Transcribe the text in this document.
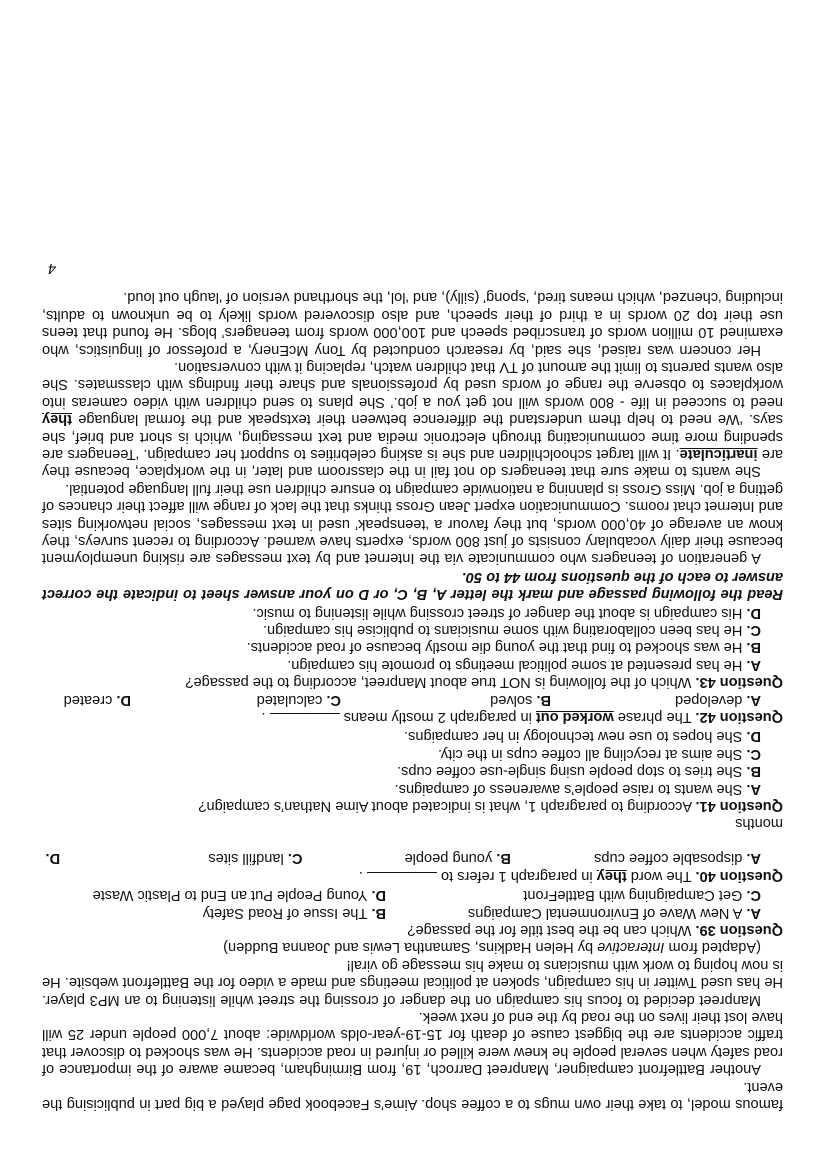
famous model, to take their own mugs to a coffee shop. Aime’s Facebook page played a big part in publicising the event.

Another Battlefront campaigner, Manpreet Darroch, 19, from Birmingham, became aware of the importance of road safety when several people he knew were killed or injured in road accidents. He was shocked to discover that traffic accidents are the biggest cause of death for 15-19-year-olds worldwide: about 7,000 people under 25 will have lost their lives on the road by the end of next week.

Manpreet decided to focus his campaign on the danger of crossing the street while listening to an MP3 player. He has used Twitter in his campaign, spoken at political meetings and made a video for the Battlefront website. He is now hoping to work with musicians to make his message go viral!

(Adapted from Interactive by Helen Hadkins, Samantha Lewis and Joanna Budden)

Question 39. Which can be the best title for the passage?
A. A New Wave of Environmental Campaigns
B. The Issue of Road Safety
C. Get Campaigning with BattleFront
D. Young People Put an End to Plastic Waste
Question 40. The word they in paragraph 1 refers to  .
A. disposable coffee cups
B. young people
C. landfill sites
D.
months
Question 41. According to paragraph 1, what is indicated about Aime Nathan’s campaign?
A. She wants to raise people’s awareness of campaigns.
B. She tries to stop people using single-use coffee cups.
C. She aims at recycling all coffee cups in the city.
D. She hopes to use new technology in her campaigns.
Question 42. The phrase worked out in paragraph 2 mostly means  .
A. developed
B. solved
C. calculated
D. created
Question 43. Which of the following is NOT true about Manpreet, according to the passage?
A. He has presented at some political meetings to promote his campaign.
B. He was shocked to find that the young die mostly because of road accidents.
C. He has been collaborating with some musicians to publicise his campaign.
D. His campaign is about the danger of street crossing while listening to music.

Read the following passage and mark the letter A, B, C, or D on your answer sheet to indicate the correct answer to each of the questions from 44 to 50.

A generation of teenagers who communicate via the Internet and by text messages are risking unemployment because their daily vocabulary consists of just 800 words, experts have warned. According to recent surveys, they know an average of 40,000 words, but they favour a ‘teenspeak’ used in text messages, social networking sites and Internet chat rooms. Communication expert Jean Gross thinks that the lack of range will affect their chances of getting a job. Miss Gross is planning a nationwide campaign to ensure children use their full language potential.

She wants to make sure that teenagers do not fail in the classroom and later, in the workplace, because they are inarticulate. It will target schoolchildren and she is asking celebrities to support her campaign. ‘Teenagers are spending more time communicating through electronic media and text messaging, which is short and brief, she says. ‘We need to help them understand the difference between their textspeak and the formal language they need to succeed in life - 800 words will not get you a job.’ She plans to send children with video cameras into workplaces to observe the range of words used by professionals and share their findings with classmates. She also wants parents to limit the amount of TV that children watch, replacing it with conversation.

Her concern was raised, she said, by research conducted by Tony McEnery, a professor of linguistics, who examined 10 million words of transcribed speech and 100,000 words from teenagers’ blogs. He found that teens use their top 20 words in a third of their speech, and also discovered words likely to be unknown to adults, including ‘chenzed, which means tired, ‘spong’ (silly), and ‘lol, the shorthand version of ‘laugh out loud.

4
